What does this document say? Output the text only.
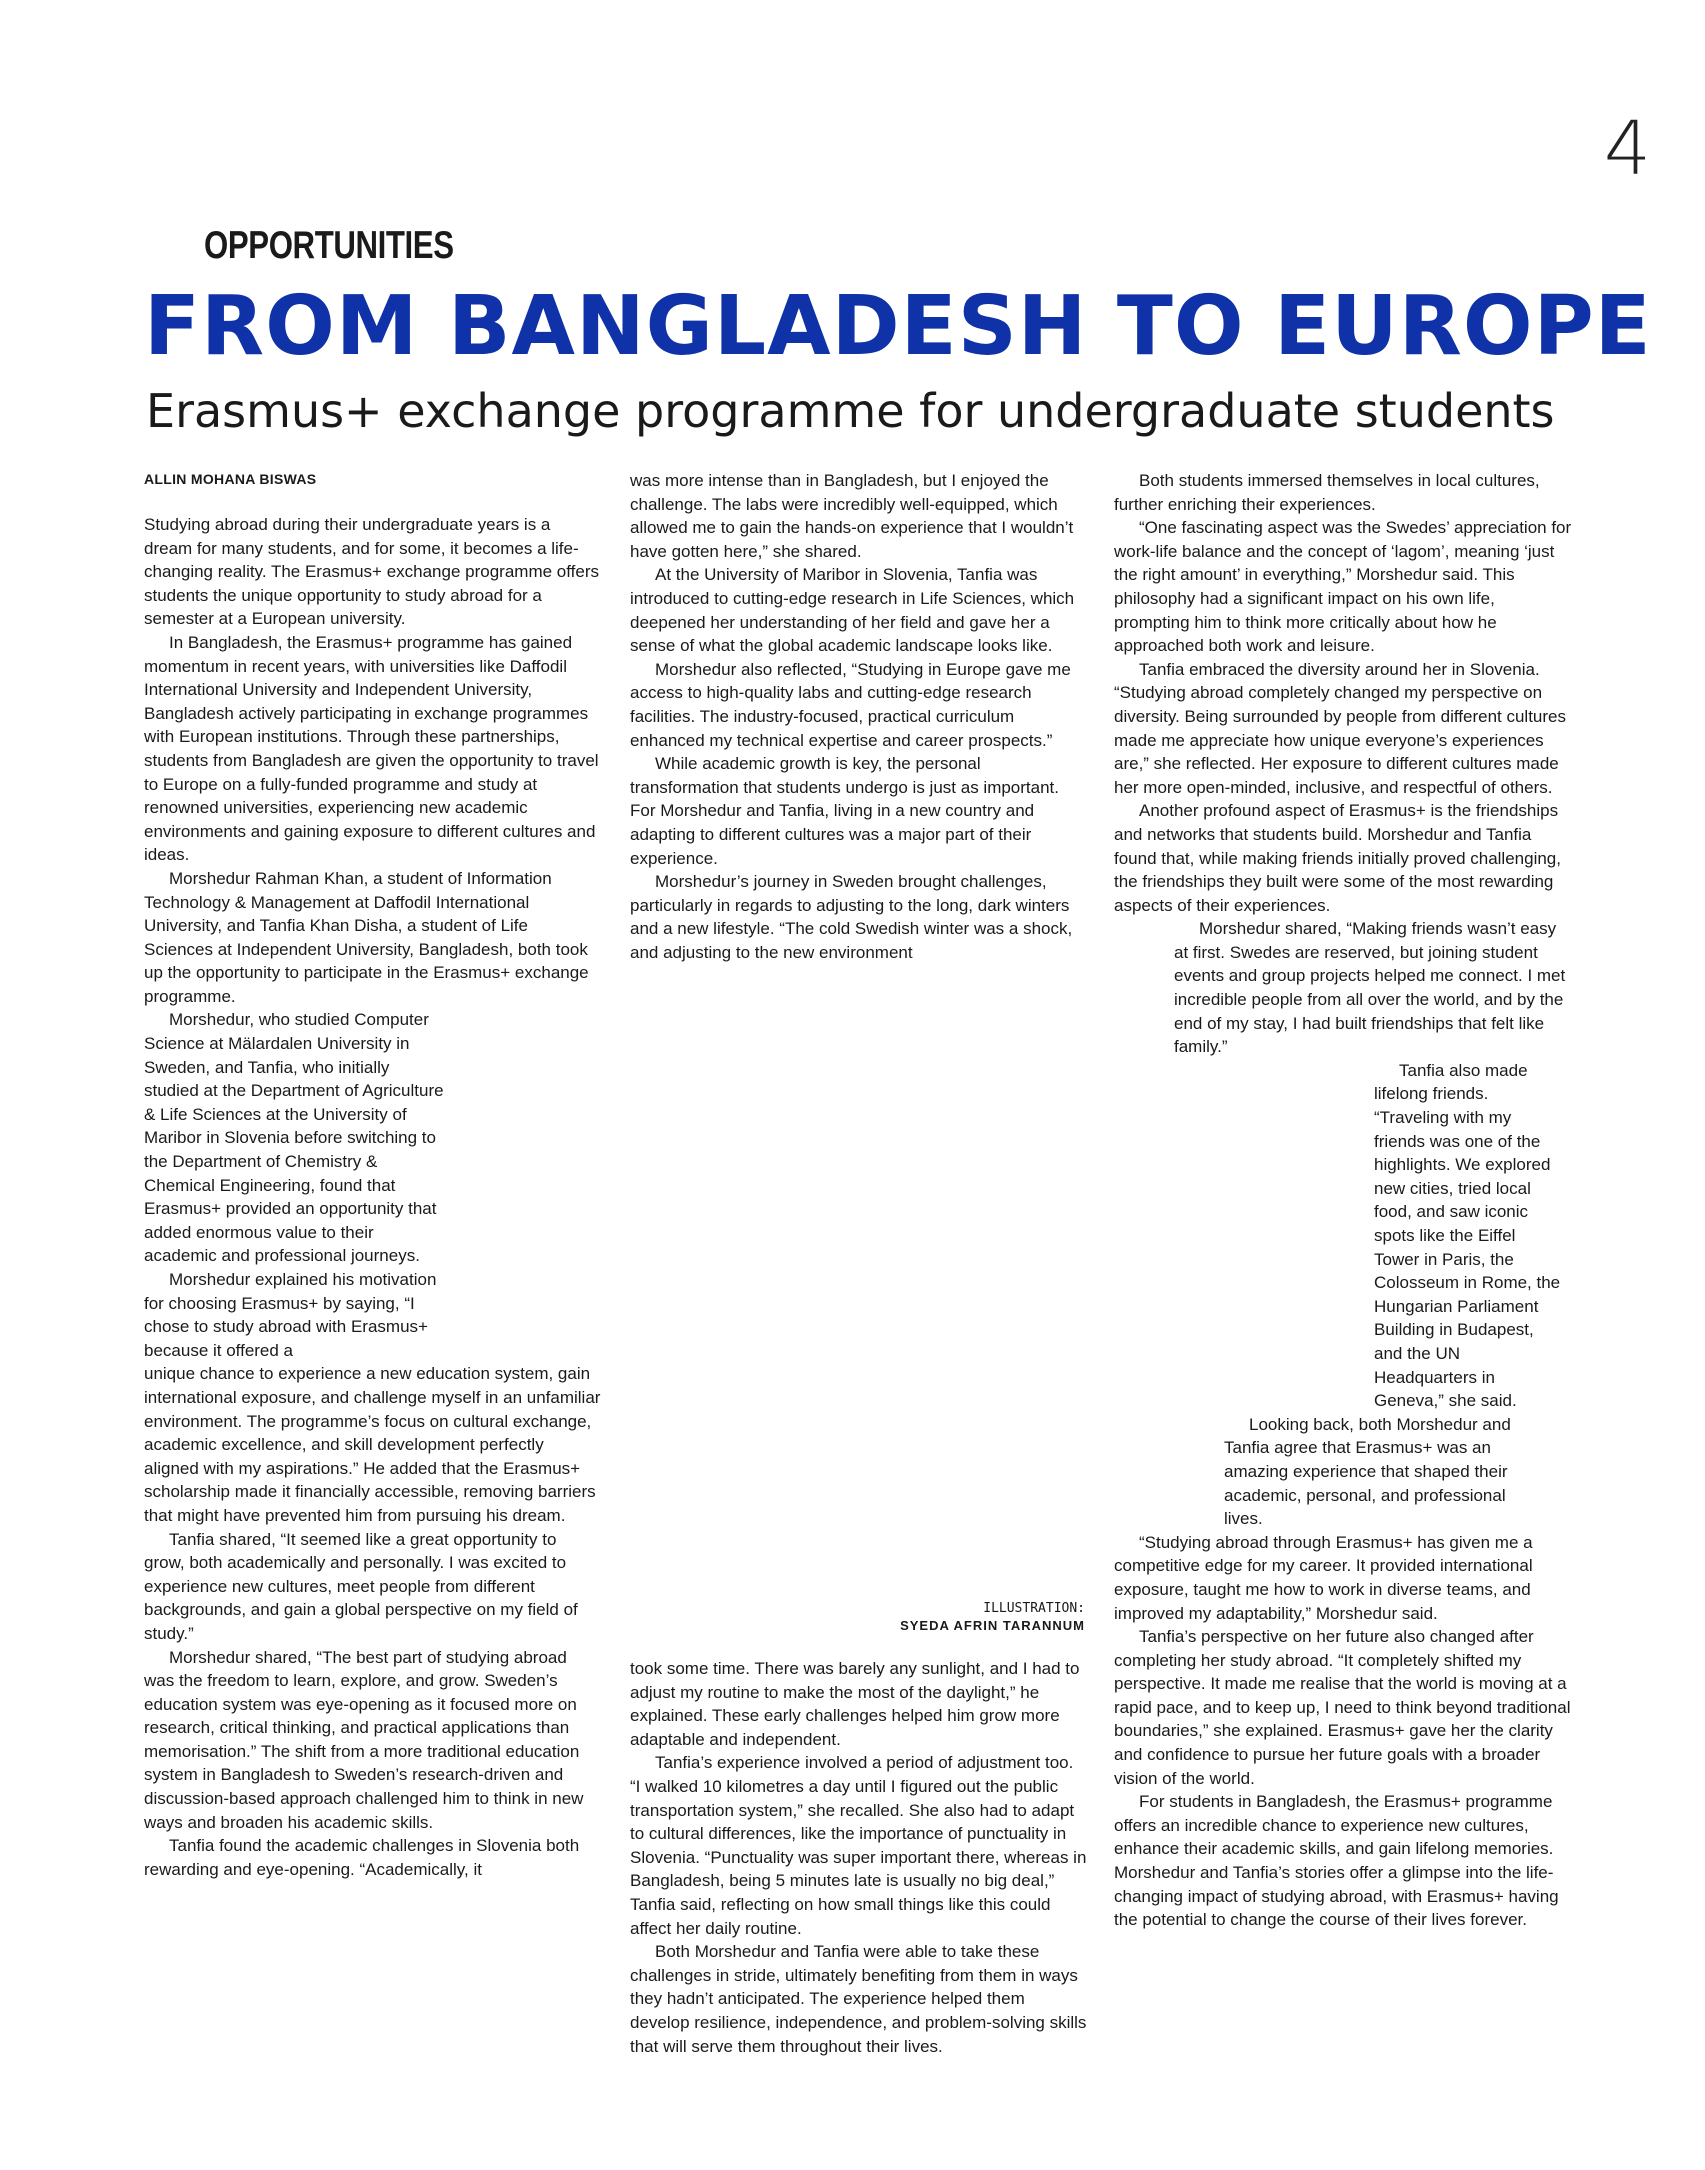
4
OPPORTUNITIES
FROM BANGLADESH TO EUROPE
Erasmus+ exchange programme for undergraduate students
ALLIN MOHANA BISWAS

Studying abroad during their undergraduate years is a dream for many students, and for some, it becomes a life-changing reality. The Erasmus+ exchange programme offers students the unique opportunity to study abroad for a semester at a European university.

In Bangladesh, the Erasmus+ programme has gained momentum in recent years, with universities like Daffodil International University and Independent University, Bangladesh actively participating in exchange programmes with European institutions. Through these partnerships, students from Bangladesh are given the opportunity to travel to Europe on a fully-funded programme and study at renowned universities, experiencing new academic environments and gaining exposure to different cultures and ideas.

Morshedur Rahman Khan, a student of Information Technology & Management at Daffodil International University, and Tanfia Khan Disha, a student of Life Sciences at Independent University, Bangladesh, both took up the opportunity to participate in the Erasmus+ exchange programme.

Morshedur, who studied Computer Science at Mälardalen University in Sweden, and Tanfia, who initially studied at the Department of Agriculture & Life Sciences at the University of Maribor in Slovenia before switching to the Department of Chemistry & Chemical Engineering, found that Erasmus+ provided an opportunity that added enormous value to their academic and professional journeys.

Morshedur explained his motivation for choosing Erasmus+ by saying, “I chose to study abroad with Erasmus+ because it offered a

unique chance to experience a new education system, gain international exposure, and challenge myself in an unfamiliar environment. The programme’s focus on cultural exchange, academic excellence, and skill development perfectly aligned with my aspirations.” He added that the Erasmus+ scholarship made it financially accessible, removing barriers that might have prevented him from pursuing his dream.

Tanfia shared, “It seemed like a great opportunity to grow, both academically and personally. I was excited to experience new cultures, meet people from different backgrounds, and gain a global perspective on my field of study.”

Morshedur shared, “The best part of studying abroad was the freedom to learn, explore, and grow. Sweden’s education system was eye-opening as it focused more on research, critical thinking, and practical applications than memorisation.” The shift from a more traditional education system in Bangladesh to Sweden’s research-driven and discussion-based approach challenged him to think in new ways and broaden his academic skills.

Tanfia found the academic challenges in Slovenia both rewarding and eye-opening. “Academically, it

was more intense than in Bangladesh, but I enjoyed the challenge. The labs were incredibly well-equipped, which allowed me to gain the hands-on experience that I wouldn’t have gotten here,” she shared.

At the University of Maribor in Slovenia, Tanfia was introduced to cutting-edge research in Life Sciences, which deepened her understanding of her field and gave her a sense of what the global academic landscape looks like.

Morshedur also reflected, “Studying in Europe gave me access to high-quality labs and cutting-edge research facilities. The industry-focused, practical curriculum enhanced my technical expertise and career prospects.”

While academic growth is key, the personal transformation that students undergo is just as important. For Morshedur and Tanfia, living in a new country and adapting to different cultures was a major part of their experience.

Morshedur’s journey in Sweden brought challenges, particularly in regards to adjusting to the long, dark winters and a new lifestyle. “The cold Swedish winter was a shock, and adjusting to the new environment

ILLUSTRATION:
SYEDA AFRIN TARANNUM

took some time. There was barely any sunlight, and I had to adjust my routine to make the most of the daylight,” he explained. These early challenges helped him grow more adaptable and independent.

Tanfia’s experience involved a period of adjustment too. “I walked 10 kilometres a day until I figured out the public transportation system,” she recalled. She also had to adapt to cultural differences, like the importance of punctuality in Slovenia. “Punctuality was super important there, whereas in Bangladesh, being 5 minutes late is usually no big deal,” Tanfia said, reflecting on how small things like this could affect her daily routine.

Both Morshedur and Tanfia were able to take these challenges in stride, ultimately benefiting from them in ways they hadn’t anticipated. The experience helped them develop resilience, independence, and problem-solving skills that will serve them throughout their lives.

Both students immersed themselves in local cultures, further enriching their experiences.

“One fascinating aspect was the Swedes’ appreciation for work-life balance and the concept of ‘lagom’, meaning ‘just the right amount’ in everything,” Morshedur said. This philosophy had a significant impact on his own life, prompting him to think more critically about how he approached both work and leisure.

Tanfia embraced the diversity around her in Slovenia. “Studying abroad completely changed my perspective on diversity. Being surrounded by people from different cultures made me appreciate how unique everyone’s experiences are,” she reflected. Her exposure to different cultures made her more open-minded, inclusive, and respectful of others.

Another profound aspect of Erasmus+ is the friendships and networks that students build. Morshedur and Tanfia found that, while making friends initially proved challenging, the friendships they built were some of the most rewarding aspects of their experiences.

Morshedur shared, “Making friends wasn’t easy at first. Swedes are reserved, but joining student events and group projects helped me connect. I met incredible people from all over the world, and by the end of my stay, I had built friendships that felt like family.”

Tanfia also made lifelong friends. “Traveling with my friends was one of the highlights. We explored new cities, tried local food, and saw iconic spots like the Eiffel Tower in Paris, the Colosseum in Rome, the Hungarian Parliament Building in Budapest, and the UN Headquarters in Geneva,” she said.

Looking back, both Morshedur and Tanfia agree that Erasmus+ was an amazing experience that shaped their academic, personal, and professional lives.

“Studying abroad through Erasmus+ has given me a competitive edge for my career. It provided international exposure, taught me how to work in diverse teams, and improved my adaptability,” Morshedur said.

Tanfia’s perspective on her future also changed after completing her study abroad. “It completely shifted my perspective. It made me realise that the world is moving at a rapid pace, and to keep up, I need to think beyond traditional boundaries,” she explained. Erasmus+ gave her the clarity and confidence to pursue her future goals with a broader vision of the world.

For students in Bangladesh, the Erasmus+ programme offers an incredible chance to experience new cultures, enhance their academic skills, and gain lifelong memories. Morshedur and Tanfia’s stories offer a glimpse into the life-changing impact of studying abroad, with Erasmus+ having the potential to change the course of their lives forever.
